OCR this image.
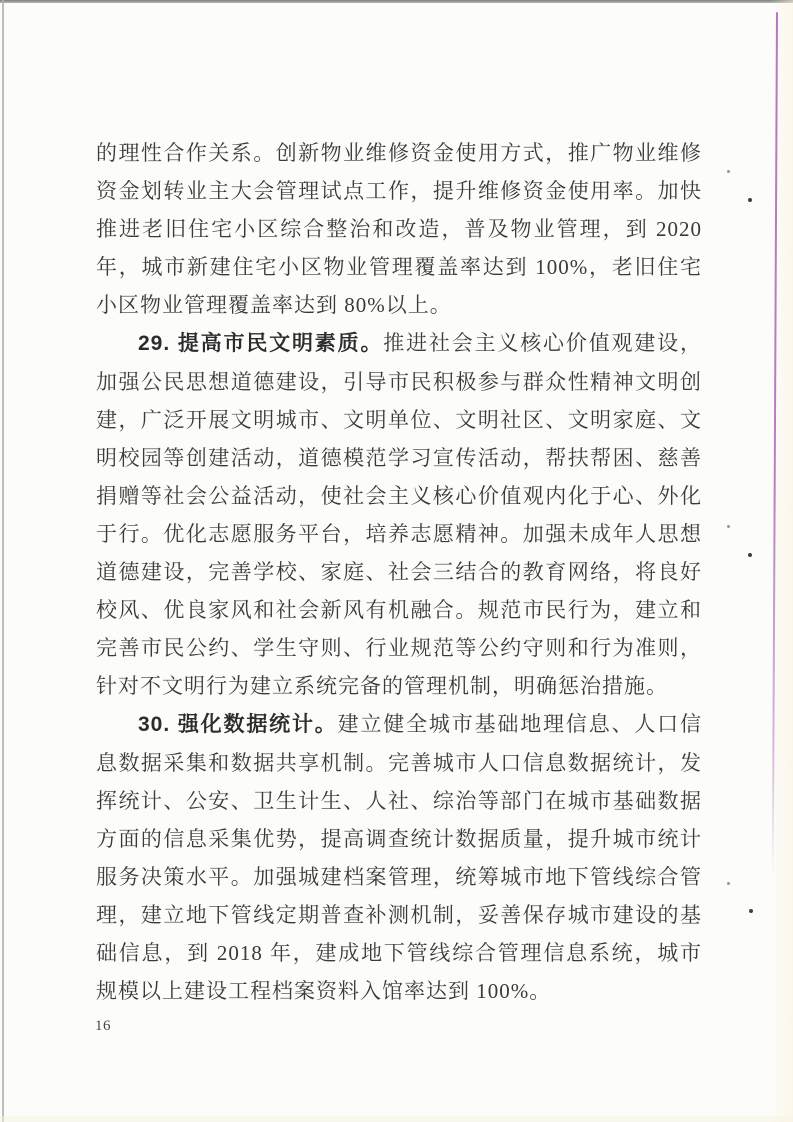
的理性合作关系。创新物业维修资金使用方式，推广物业维修资金划转业主大会管理试点工作，提升维修资金使用率。加快推进老旧住宅小区综合整治和改造，普及物业管理，到 2020 年，城市新建住宅小区物业管理覆盖率达到 100%，老旧住宅小区物业管理覆盖率达到 80%以上。

29. 提高市民文明素质。推进社会主义核心价值观建设，加强公民思想道德建设，引导市民积极参与群众性精神文明创建，广泛开展文明城市、文明单位、文明社区、文明家庭、文明校园等创建活动，道德模范学习宣传活动，帮扶帮困、慈善捐赠等社会公益活动，使社会主义核心价值观内化于心、外化于行。优化志愿服务平台，培养志愿精神。加强未成年人思想道德建设，完善学校、家庭、社会三结合的教育网络，将良好校风、优良家风和社会新风有机融合。规范市民行为，建立和完善市民公约、学生守则、行业规范等公约守则和行为准则，针对不文明行为建立系统完备的管理机制，明确惩治措施。

30. 强化数据统计。建立健全城市基础地理信息、人口信息数据采集和数据共享机制。完善城市人口信息数据统计，发挥统计、公安、卫生计生、人社、综治等部门在城市基础数据方面的信息采集优势，提高调查统计数据质量，提升城市统计服务决策水平。加强城建档案管理，统筹城市地下管线综合管理，建立地下管线定期普查补测机制，妥善保存城市建设的基础信息，到 2018 年，建成地下管线综合管理信息系统，城市规模以上建设工程档案资料入馆率达到 100%。

16
